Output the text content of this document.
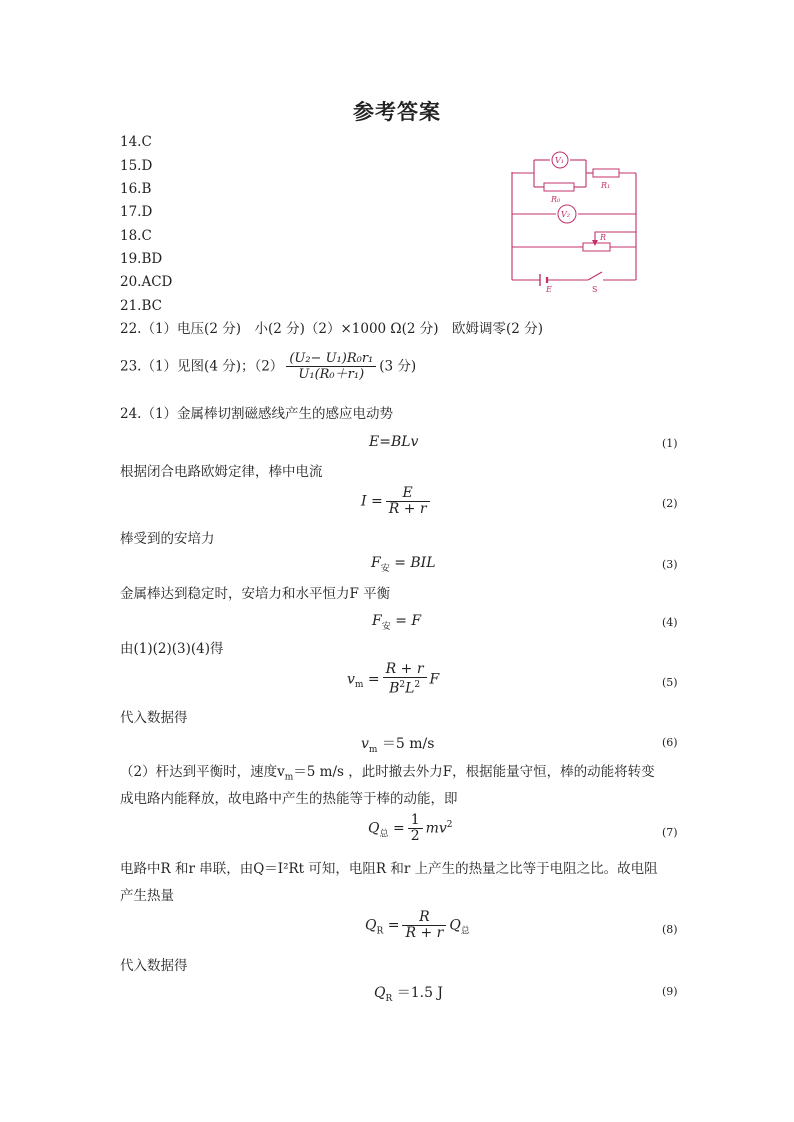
参考答案
14.C
15.D
16.B
17.D
18.C
19.BD
20.ACD
21.BC
V₁
R₁
R₀
V₂
R
E	S
22.（1）电压(2 分)　小(2 分)（2）×1000 Ω(2 分)　欧姆调零(2 分)
23.（1）见图(4 分)；$(2) \frac{\text{(U₂− U₁)R₀r₁}}{\text{U₁(R₀＋r₁)}} (3$ 分)
24.（1）金属棒切割磁感线产生的感应电动势
E=BLv	(1)
根据闭合电路欧姆定律，棒中电流
$I = \frac{E}{R + r}$	(2)
棒受到的安培力
$F_安$ = BIL	(3)
金属棒达到稳定时，安培力和水平恒力F 平衡
$F_安 = F$	(4)
由(1)(2)(3)(4)得
$v_m = \frac{R + r}{B^2L^2}$ F	(5)
代入数据得
$v_m =5$ m/s	(6)
（2）杆达到平衡时，速度$v_m=5$ m/s ，此时撤去外力F，根据能量守恒，棒的动能将转变
成电路内能释放，故电路中产生的热能等于棒的动能，即
$Q_总 = \frac{1}{2} mv^2$
(7)
电路中R 和r 串联，由Q＝I²Rt 可知，电阻R 和r 上产生的热量之比等于电阻之比。故电阻
产生热量
$Q_R = \frac{R}{R + r} Q_总$	(8)
代入数据得
$Q_R =1.5$ J	(9)
